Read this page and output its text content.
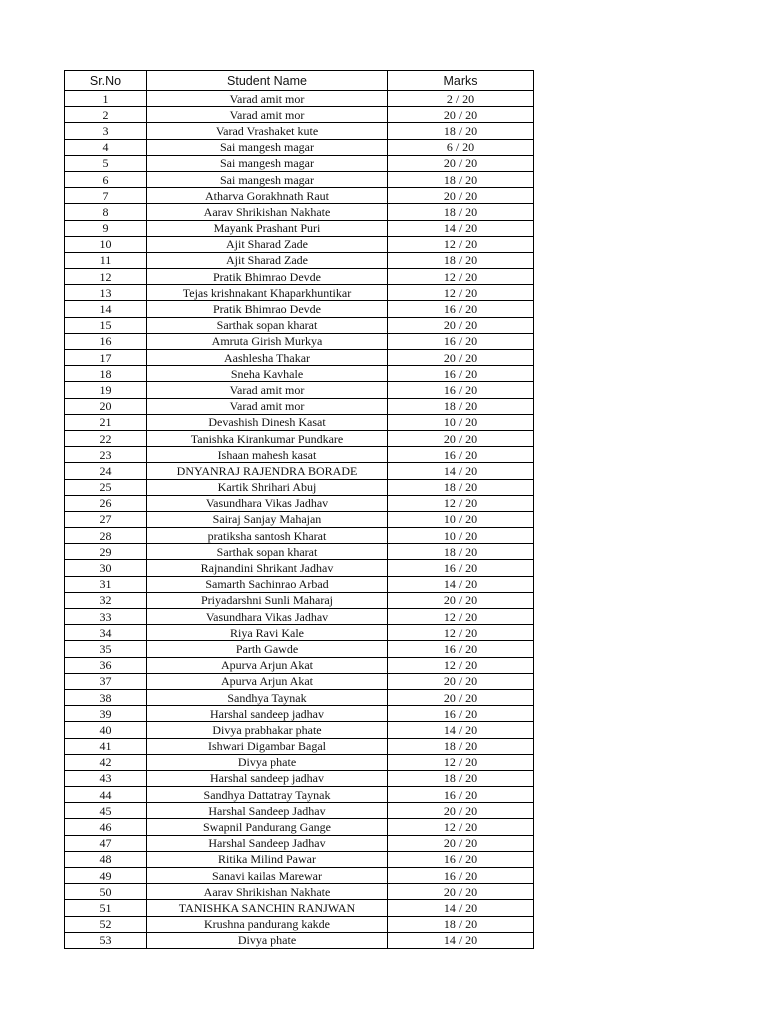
Sr.No	Student Name	Marks
1	Varad amit mor	2 / 20
2	Varad amit mor	20 / 20
3	Varad Vrashaket kute	18 / 20
4	Sai mangesh magar	6 / 20
5	Sai mangesh magar	20 / 20
6	Sai mangesh magar	18 / 20
7	Atharva Gorakhnath Raut	20 / 20
8	Aarav Shrikishan Nakhate	18 / 20
9	Mayank Prashant Puri	14 / 20
10	Ajit Sharad Zade	12 / 20
11	Ajit Sharad Zade	18 / 20
12	Pratik Bhimrao Devde	12 / 20
13	Tejas krishnakant Khaparkhuntikar	12 / 20
14	Pratik Bhimrao Devde	16 / 20
15	Sarthak sopan kharat	20 / 20
16	Amruta Girish Murkya	16 / 20
17	Aashlesha Thakar	20 / 20
18	Sneha Kavhale	16 / 20
19	Varad amit mor	16 / 20
20	Varad amit mor	18 / 20
21	Devashish Dinesh Kasat	10 / 20
22	Tanishka Kirankumar Pundkare	20 / 20
23	Ishaan mahesh kasat	16 / 20
24	DNYANRAJ RAJENDRA BORADE	14 / 20
25	Kartik Shrihari Abuj	18 / 20
26	Vasundhara Vikas Jadhav	12 / 20
27	Sairaj Sanjay Mahajan	10 / 20
28	pratiksha santosh Kharat	10 / 20
29	Sarthak sopan kharat	18 / 20
30	Rajnandini Shrikant Jadhav	16 / 20
31	Samarth Sachinrao Arbad	14 / 20
32	Priyadarshni Sunli Maharaj	20 / 20
33	Vasundhara Vikas Jadhav	12 / 20
34	Riya Ravi Kale	12 / 20
35	Parth Gawde	16 / 20
36	Apurva Arjun Akat	12 / 20
37	Apurva Arjun Akat	20 / 20
38	Sandhya Taynak	20 / 20
39	Harshal sandeep jadhav	16 / 20
40	Divya prabhakar phate	14 / 20
41	Ishwari Digambar Bagal	18 / 20
42	Divya phate	12 / 20
43	Harshal sandeep jadhav	18 / 20
44	Sandhya Dattatray Taynak	16 / 20
45	Harshal Sandeep Jadhav	20 / 20
46	Swapnil Pandurang Gange	12 / 20
47	Harshal Sandeep Jadhav	20 / 20
48	Ritika Milind Pawar	16 / 20
49	Sanavi kailas Marewar	16 / 20
50	Aarav Shrikishan Nakhate	20 / 20
51	TANISHKA SANCHIN RANJWAN	14 / 20
52	Krushna pandurang kakde	18 / 20
53	Divya phate	14 / 20
